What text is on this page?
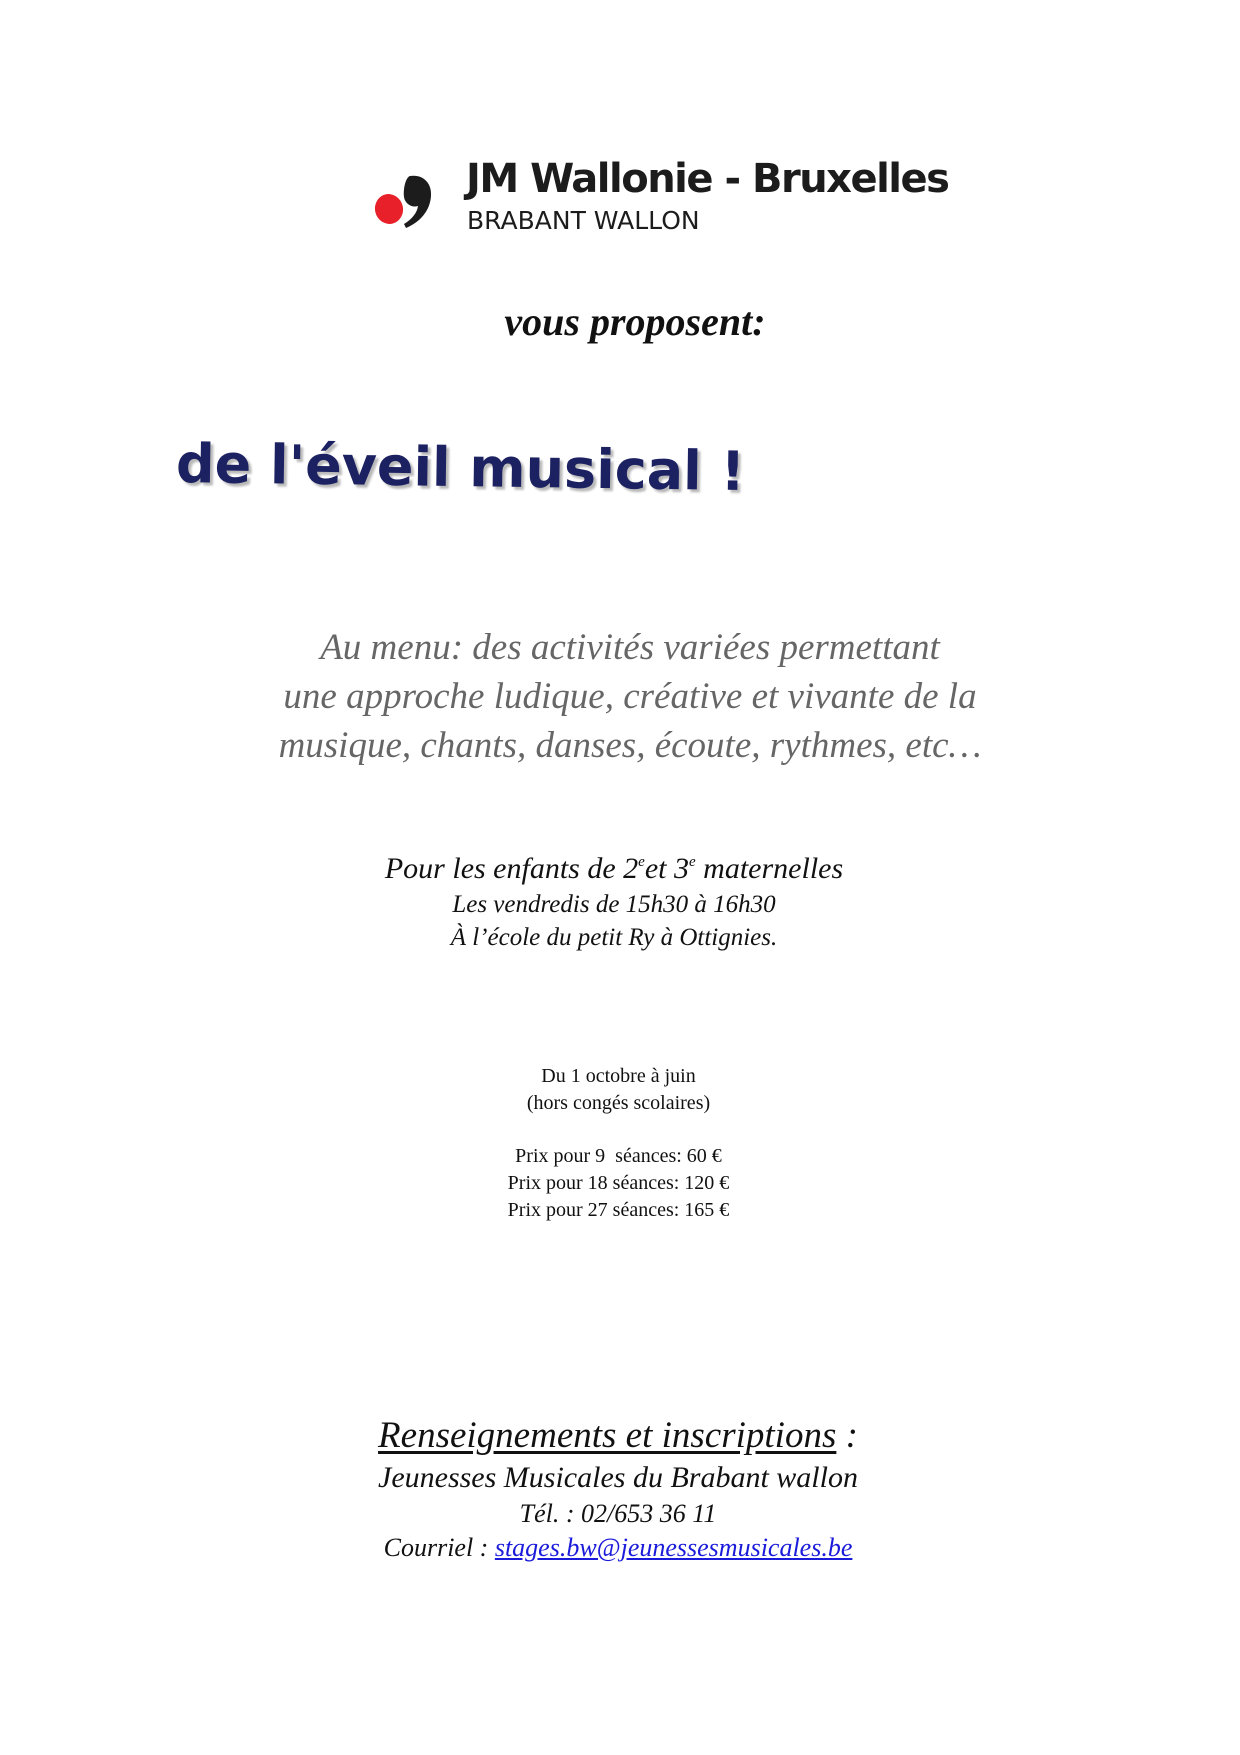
JM Wallonie - Bruxelles
BRABANT WALLON
vous proposent:
de l'éveil musical !
Au menu: des activités variées permettant
une approche ludique, créative et vivante de la
musique, chants, danses, écoute, rythmes, etc…
Pour les enfants de 2eet 3e maternelles
Les vendredis de 15h30 à 16h30
À l’école du petit Ry à Ottignies.
Du 1 octobre à juin
(hors congés scolaires)
Prix pour 9  séances: 60 €
Prix pour 18 séances: 120 €
Prix pour 27 séances: 165 €
Renseignements et inscriptions :
Jeunesses Musicales du Brabant wallon
Tél. : 02/653 36 11
Courriel : stages.bw@jeunessesmusicales.be
